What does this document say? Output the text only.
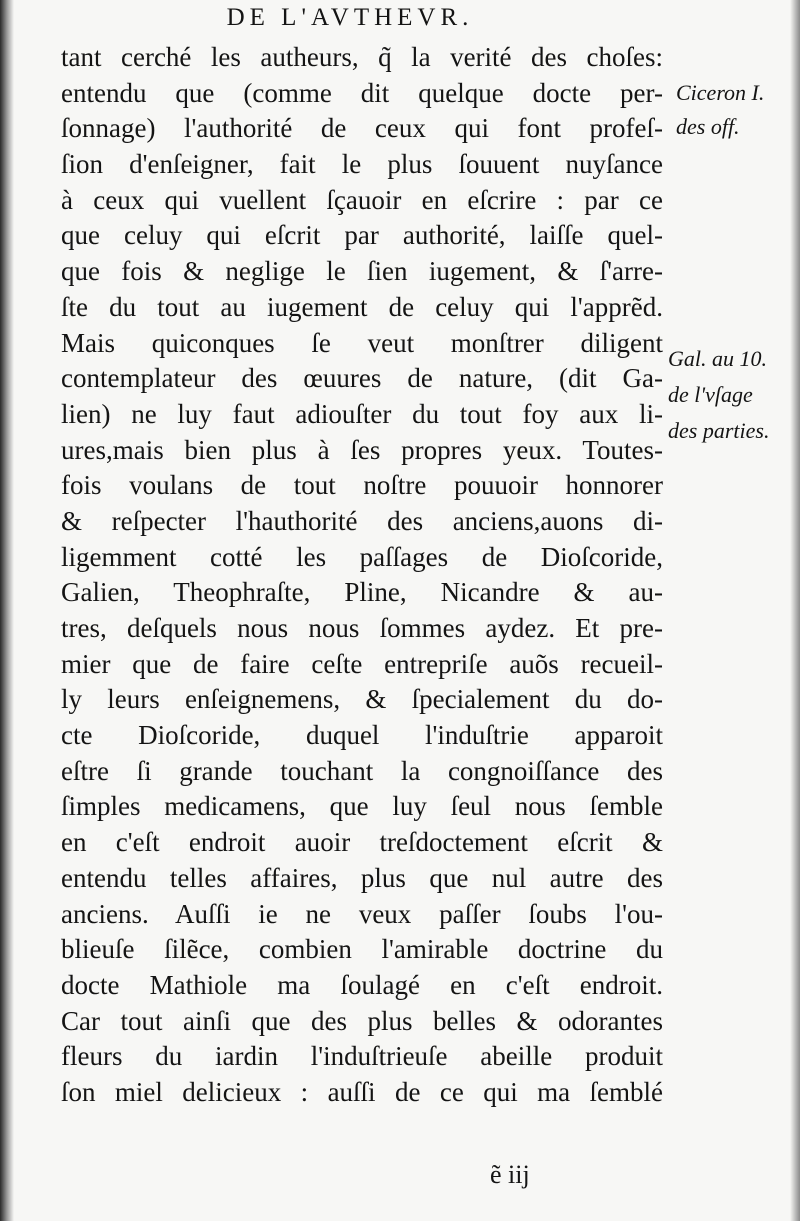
DE L'AVTHEVR.
tant cerché les autheurs, q̃ la verité des choſes:
entendu que (comme dit quelque docte per-
ſonnage) l'authorité de ceux qui font profeſ-
ſion d'enſeigner, fait le plus ſouuent nuyſance
à ceux qui vuellent ſçauoir en eſcrire : par ce
que celuy qui eſcrit par authorité, laiſſe quel-
que fois & neglige le ſien iugement, & ſ'arre-
ſte du tout au iugement de celuy qui l'apprẽd.
Mais quiconques ſe veut monſtrer diligent
contemplateur des œuures de nature, (dit Ga-
lien) ne luy faut adiouſter du tout foy aux li-
ures,mais bien plus à ſes propres yeux. Toutes-
fois voulans de tout noſtre pouuoir honnorer
& reſpecter l'hauthorité des anciens,auons di-
ligemment cotté les paſſages de Dioſcoride,
Galien, Theophraſte, Pline, Nicandre & au-
tres, deſquels nous nous ſommes aydez. Et pre-
mier que de faire ceſte entrepriſe auõs recueil-
ly leurs enſeignemens, & ſpecialement du do-
cte Dioſcoride, duquel l'induſtrie apparoit
eſtre ſi grande touchant la congnoiſſance des
ſimples medicamens, que luy ſeul nous ſemble
en c'eſt endroit auoir treſdoctement eſcrit &
entendu telles affaires, plus que nul autre des
anciens. Auſſi ie ne veux paſſer ſoubs l'ou-
blieuſe ſilẽce, combien l'amirable doctrine du
docte Mathiole ma ſoulagé en c'eſt endroit.
Car tout ainſi que des plus belles & odorantes
fleurs du iardin l'induſtrieuſe abeille produit
ſon miel delicieux : auſſi de ce qui ma ſemblé
Ciceron I.
des off.
Gal. au 10.
de l'vſage
des parties.
ẽ iij
